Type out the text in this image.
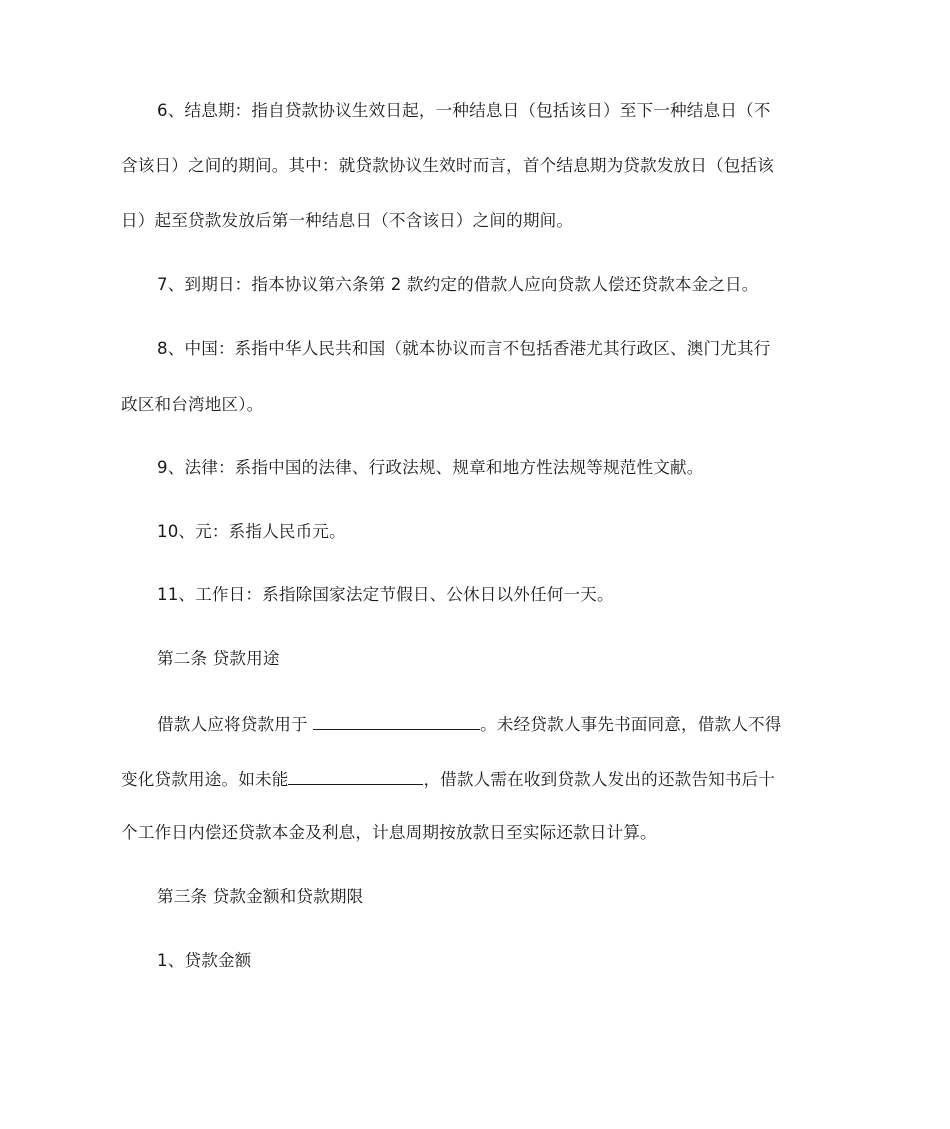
6、结息期：指自贷款协议生效日起，一种结息日（包括该日）至下一种结息日（不
含该日）之间的期间。其中：就贷款协议生效时而言，首个结息期为贷款发放日（包括该
日）起至贷款发放后第一种结息日（不含该日）之间的期间。
7、到期日：指本协议第六条第 2 款约定的借款人应向贷款人偿还贷款本金之日。
8、中国：系指中华人民共和国（就本协议而言不包括香港尤其行政区、澳门尤其行
政区和台湾地区）。
9、法律：系指中国的法律、行政法规、规章和地方性法规等规范性文献。
10、元：系指人民币元。
11、工作日：系指除国家法定节假日、公休日以外任何一天。
第二条 贷款用途
借款人应将贷款用于	。未经贷款人事先书面同意，借款人不得
变化贷款用途。如未能	，借款人需在收到贷款人发出的还款告知书后十
个工作日内偿还贷款本金及利息，计息周期按放款日至实际还款日计算。
第三条 贷款金额和贷款期限
1、贷款金额
